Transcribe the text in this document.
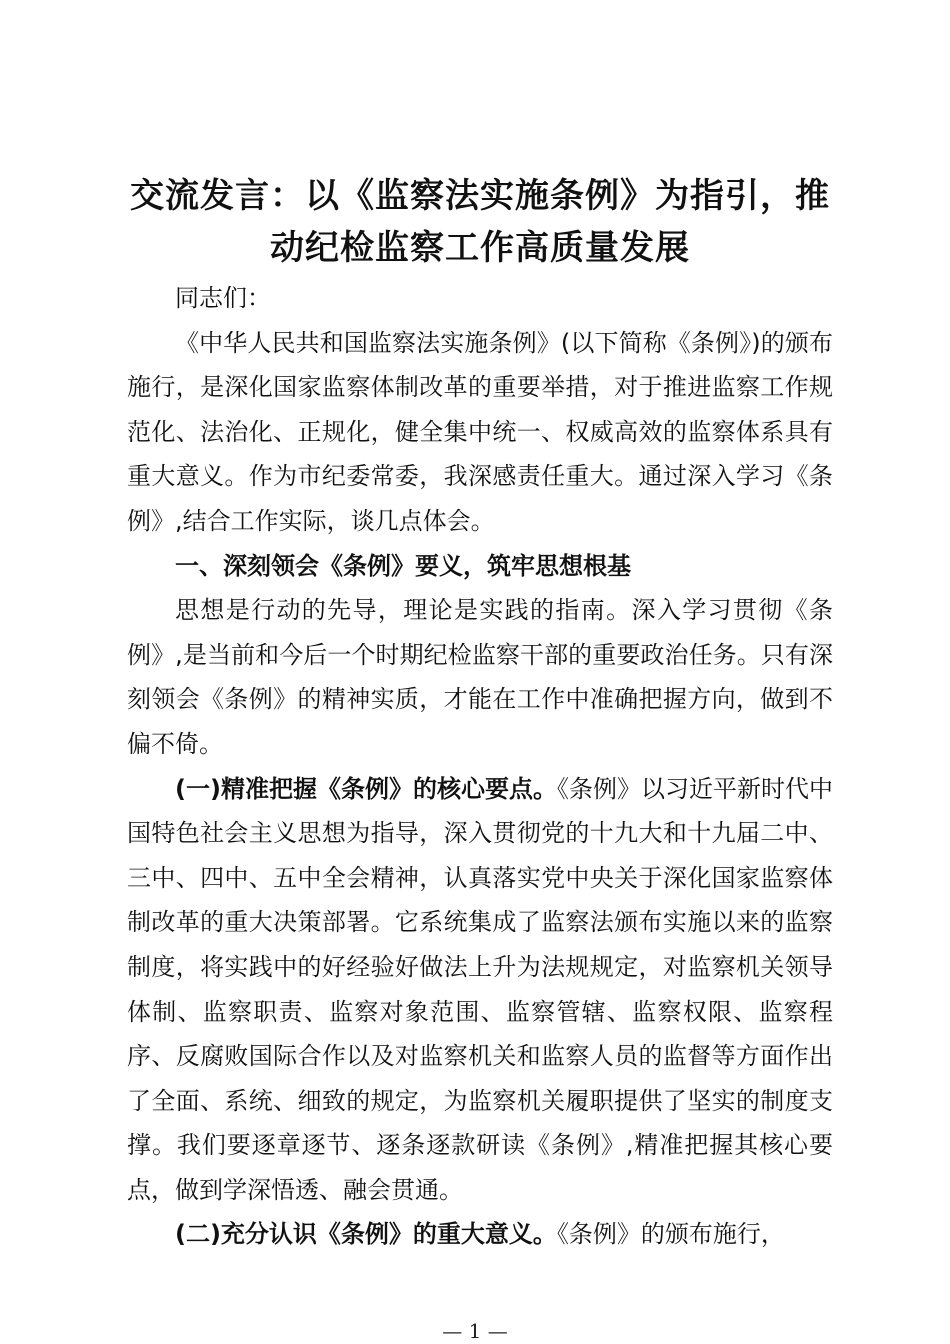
交流发言：以《监察法实施条例》为指引，推
动纪检监察工作高质量发展

同志们：

《中华人民共和国监察法实施条例》(以下简称《条例》)的颁布施行，是深化国家监察体制改革的重要举措，对于推进监察工作规范化、法治化、正规化，健全集中统一、权威高效的监察体系具有重大意义。作为市纪委常委，我深感责任重大。通过深入学习《条例》,结合工作实际，谈几点体会。

一、深刻领会《条例》要义，筑牢思想根基

思想是行动的先导，理论是实践的指南。深入学习贯彻《条例》,是当前和今后一个时期纪检监察干部的重要政治任务。只有深刻领会《条例》的精神实质，才能在工作中准确把握方向，做到不偏不倚。

(一)精准把握《条例》的核心要点。《条例》以习近平新时代中国特色社会主义思想为指导，深入贯彻党的十九大和十九届二中、三中、四中、五中全会精神，认真落实党中央关于深化国家监察体制改革的重大决策部署。它系统集成了监察法颁布实施以来的监察制度，将实践中的好经验好做法上升为法规规定，对监察机关领导体制、监察职责、监察对象范围、监察管辖、监察权限、监察程序、反腐败国际合作以及对监察机关和监察人员的监督等方面作出了全面、系统、细致的规定，为监察机关履职提供了坚实的制度支撑。我们要逐章逐节、逐条逐款研读《条例》,精准把握其核心要点，做到学深悟透、融会贯通。

(二)充分认识《条例》的重大意义。《条例》的颁布施行，

— 1 —
